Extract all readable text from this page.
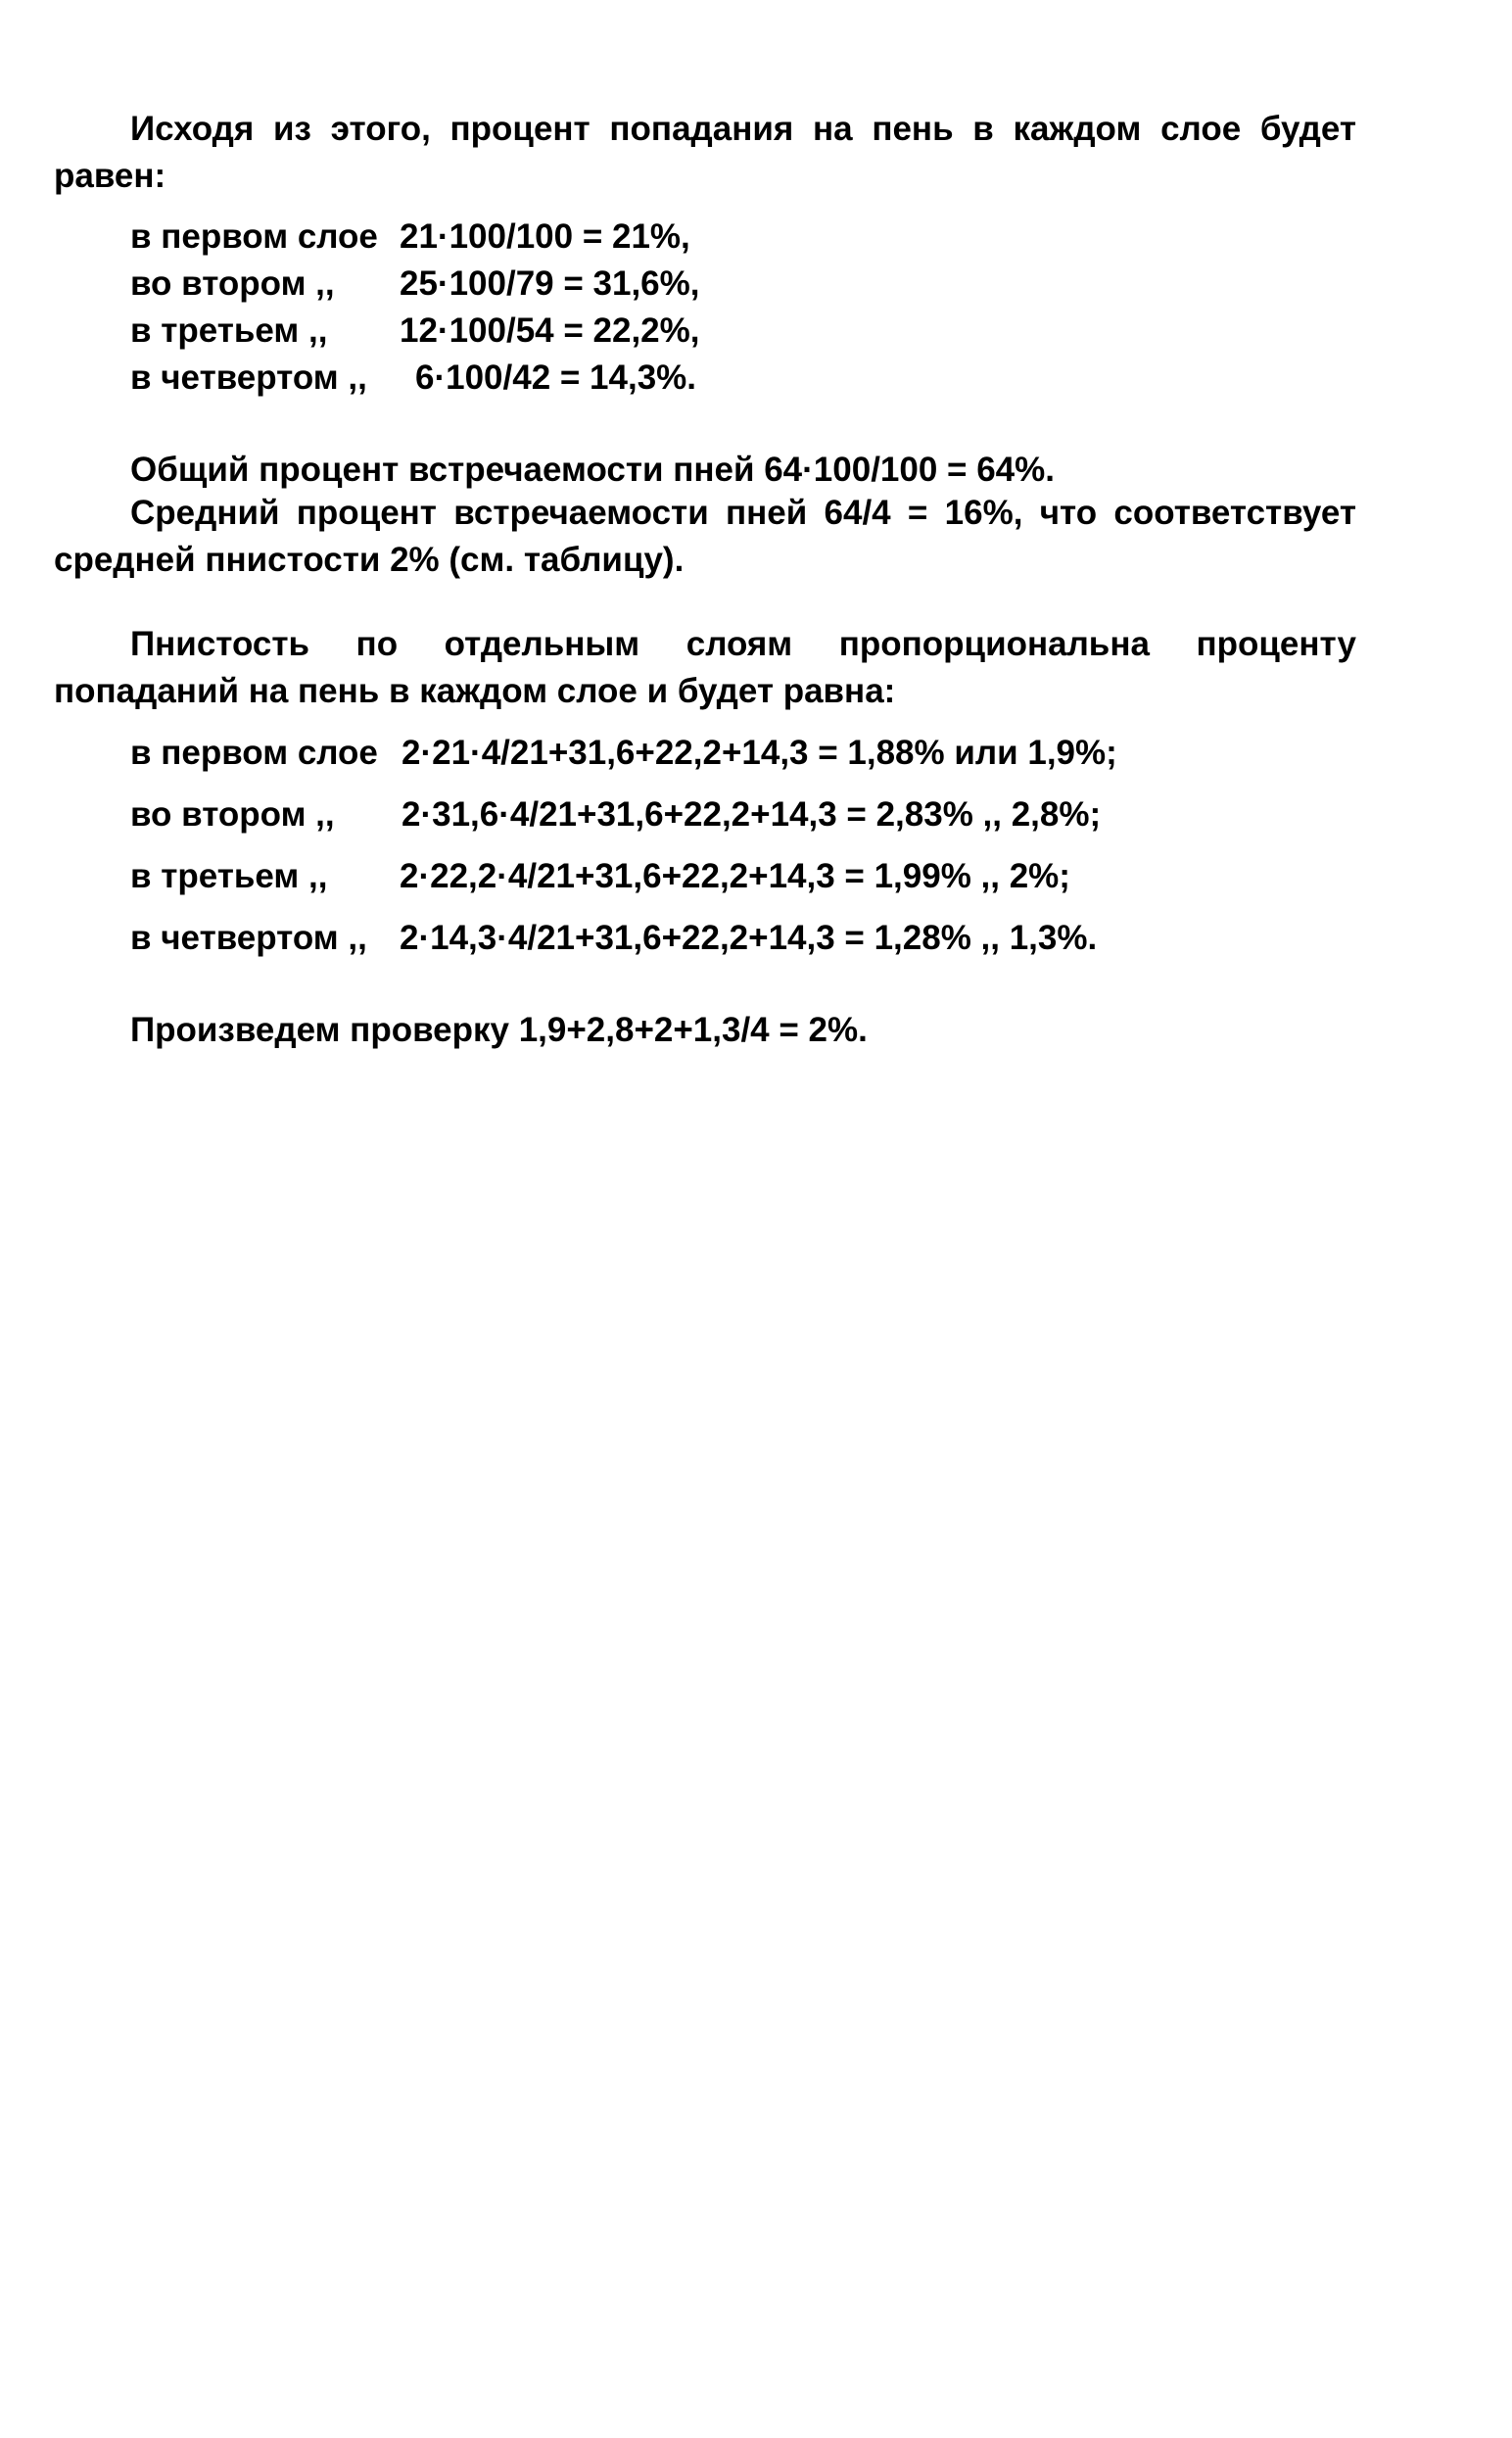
Исходя из этого, процент попадания на пень в каждом слое будет равен:

в первом слое 21·100/100 = 21%,
во втором ,, 25·100/79 = 31,6%,
в третьем ,, 12·100/54 = 22,2%,
в четвертом ,, 6·100/42 = 14,3%.
Общий процент встречаемости пней 64·100/100 = 64%.

Средний процент встречаемости пней 64/4 = 16%, что соответствует средней пнистости 2% (см. таблицу).

Пнистость по отдельным слоям пропорциональна проценту попаданий на пень в каждом слое и будет равна:

в первом слое 2·21·4/21+31,6+22,2+14,3 = 1,88% или 1,9%;
во втором ,, 2·31,6·4/21+31,6+22,2+14,3 = 2,83% ,, 2,8%;
в третьем ,, 2·22,2·4/21+31,6+22,2+14,3 = 1,99% ,, 2%;
в четвертом ,, 2·14,3·4/21+31,6+22,2+14,3 = 1,28% ,, 1,3%.
Произведем проверку 1,9+2,8+2+1,3/4 = 2%.
